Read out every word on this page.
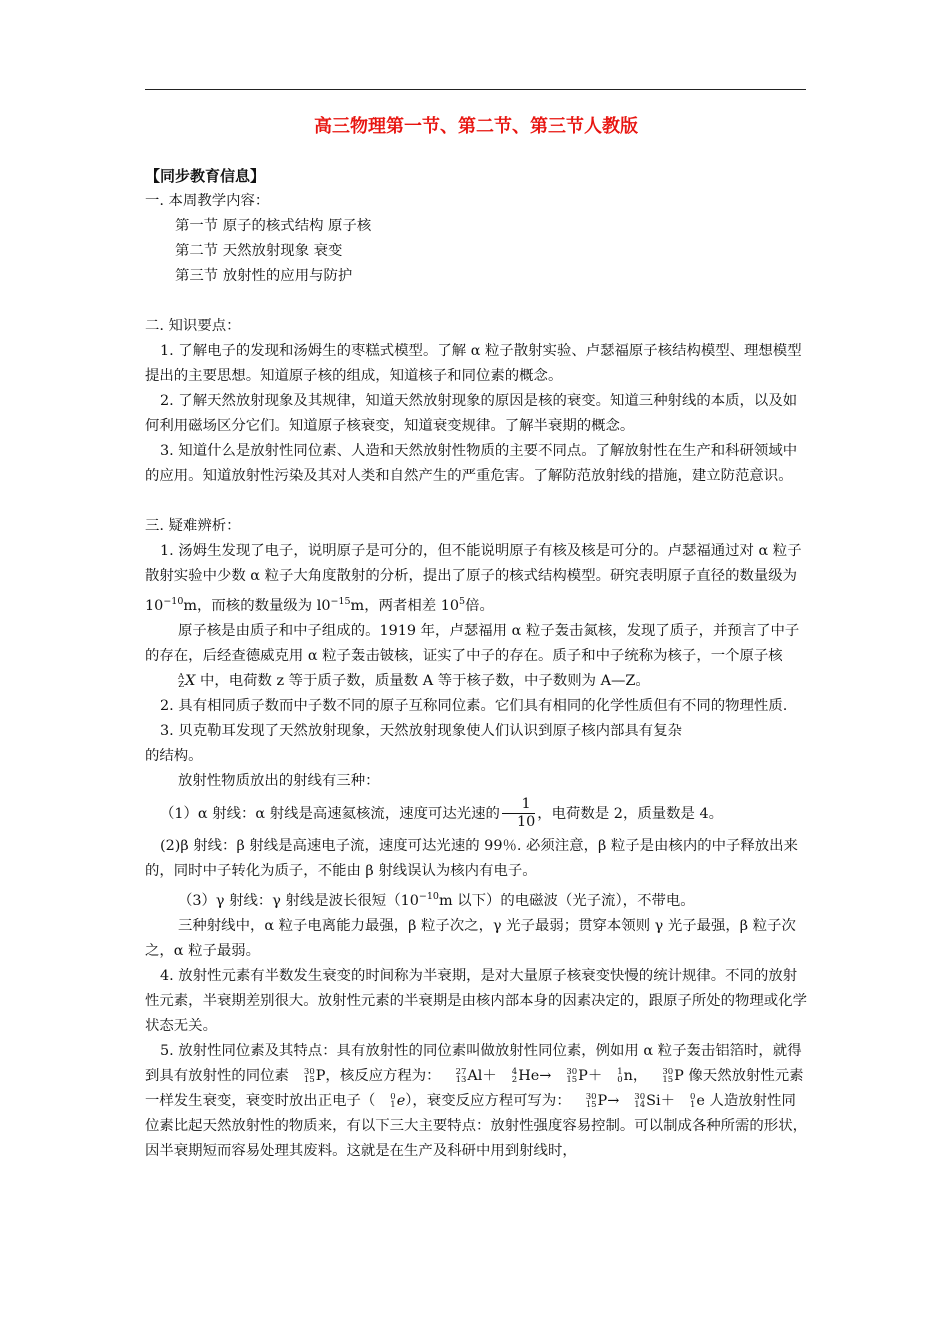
高三物理第一节、第二节、第三节人教版

【同步教育信息】

一. 本周教学内容：

第一节 原子的核式结构 原子核

第二节 天然放射现象 衰变

第三节 放射性的应用与防护

二. 知识要点：

1. 了解电子的发现和汤姆生的枣糕式模型。了解 α 粒子散射实验、卢瑟福原子核结构模型、理想模型提出的主要思想。知道原子核的组成，知道核子和同位素的概念。

2. 了解天然放射现象及其规律，知道天然放射现象的原因是核的衰变。知道三种射线的本质，以及如何利用磁场区分它们。知道原子核衰变，知道衰变规律。了解半衰期的概念。

3. 知道什么是放射性同位素、人造和天然放射性物质的主要不同点。了解放射性在生产和科研领域中的应用。知道放射性污染及其对人类和自然产生的严重危害。了解防范放射线的措施，建立防范意识。

三. 疑难辨析：

1. 汤姆生发现了电子，说明原子是可分的，但不能说明原子有核及核是可分的。卢瑟福通过对 α 粒子散射实验中少数 α 粒子大角度散射的分析，提出了原子的核式结构模型。研究表明原子直径的数量级为 $10^{-10}m$，而核的数量级为 $l0^{-15}m$，两者相差 $10^5$倍。

原子核是由质子和中子组成的。1919 年，卢瑟福用 α 粒子轰击氮核，发现了质子，并预言了中子的存在，后经查德威克用 α 粒子轰击铍核，证实了中子的存在。质子和中子统称为核子，一个原子核
A
Z X 中，电荷数 z 等于质子数，质量数 A 等于核子数，中子数则为 A—Z。

2. 具有相同质子数而中子数不同的原子互称同位素。它们具有相同的化学性质但有不同的物理性质.

3. 贝克勒耳发现了天然放射现象，天然放射现象使人们认识到原子核内部具有复杂

的结构。

放射性物质放出的射线有三种：

（1）α 射线：α 射线是高速氦核流，速度可达光速的 $\frac{1}{10}$ ，电荷数是 2，质量数是 4。

(2)β 射线：β 射线是高速电子流，速度可达光速的 99％. 必须注意，β 粒子是由核内的中子释放出来的，同时中子转化为质子，不能由 β 射线误认为核内有电子。

（3）γ 射线：γ 射线是波长很短（$10^{-10}m$ 以下）的电磁波（光子流），不带电。

三种射线中，α 粒子电离能力最强，β 粒子次之，γ 光子最弱；贯穿本领则 γ 光子最强，β 粒子次之，α 粒子最弱。

4. 放射性元素有半数发生衰变的时间称为半衰期，是对大量原子核衰变快慢的统计规律。不同的放射性元素，半衰期差别很大。放射性元素的半衰期是由核内部本身的因素决定的，跟原子所处的物理或化学状态无关。

5. 放射性同位素及其特点：具有放射性的同位素叫做放射性同位素，例如用 α 粒子轰击铝箔时，就得到具有放射性的同位素	30
15 P，核反应方程为：	27
13 Al＋	4
2 He→	30
15 P＋	1
0 n，	30
15 P 像天然放射性元素一样发生衰变，衰变时放出正电子（	0
1 e），衰变反应方程可写为：	30
15 P→	30
14 Si＋	0
1 e 人造放射性同位素比起天然放射性的物质来，有以下三大主要特点：放射性强度容易控制。可以制成各种所需的形状，因半衰期短而容易处理其废料。这就是在生产及科研中用到射线时，
